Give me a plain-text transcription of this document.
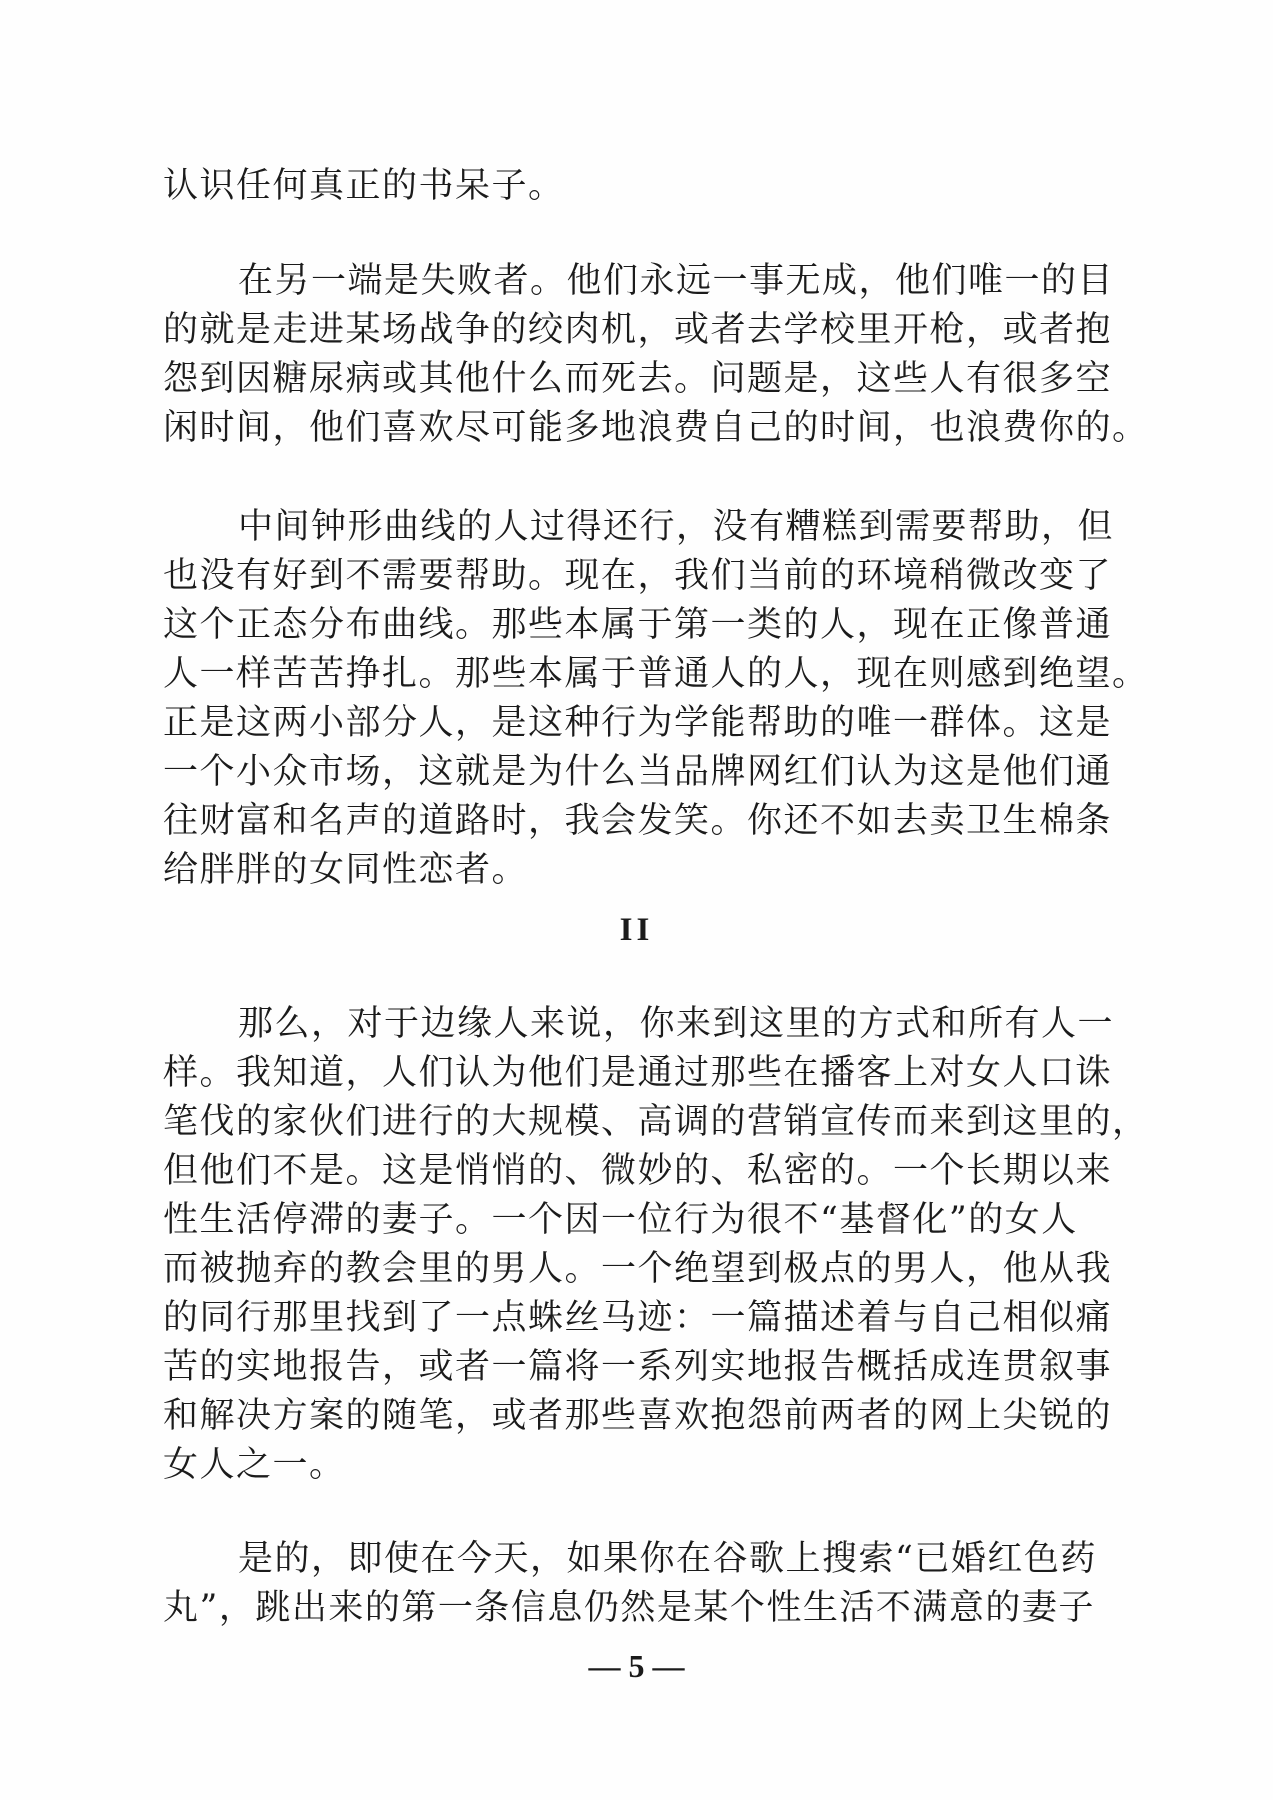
认识任何真正的书呆子。
在另一端是失败者。他们永远一事无成，他们唯一的目
的就是走进某场战争的绞肉机，或者去学校里开枪，或者抱
怨到因糖尿病或其他什么而死去。问题是，这些人有很多空
闲时间，他们喜欢尽可能多地浪费自己的时间，也浪费你的。
中间钟形曲线的人过得还行，没有糟糕到需要帮助，但
也没有好到不需要帮助。现在，我们当前的环境稍微改变了
这个正态分布曲线。那些本属于第一类的人，现在正像普通
人一样苦苦挣扎。那些本属于普通人的人，现在则感到绝望。
正是这两小部分人，是这种行为学能帮助的唯一群体。这是
一个小众市场，这就是为什么当品牌网红们认为这是他们通
往财富和名声的道路时，我会发笑。你还不如去卖卫生棉条
给胖胖的女同性恋者。
II
那么，对于边缘人来说，你来到这里的方式和所有人一
样。我知道，人们认为他们是通过那些在播客上对女人口诛
笔伐的家伙们进行的大规模、高调的营销宣传而来到这里的，
但他们不是。这是悄悄的、微妙的、私密的。一个长期以来
性生活停滞的妻子。一个因一位行为很不“基督化”的女人
而被抛弃的教会里的男人。一个绝望到极点的男人，他从我
的同行那里找到了一点蛛丝马迹：一篇描述着与自己相似痛
苦的实地报告，或者一篇将一系列实地报告概括成连贯叙事
和解决方案的随笔，或者那些喜欢抱怨前两者的网上尖锐的
女人之一。
是的，即使在今天，如果你在谷歌上搜索“已婚红色药
丸”，跳出来的第一条信息仍然是某个性生活不满意的妻子
— 5 —
